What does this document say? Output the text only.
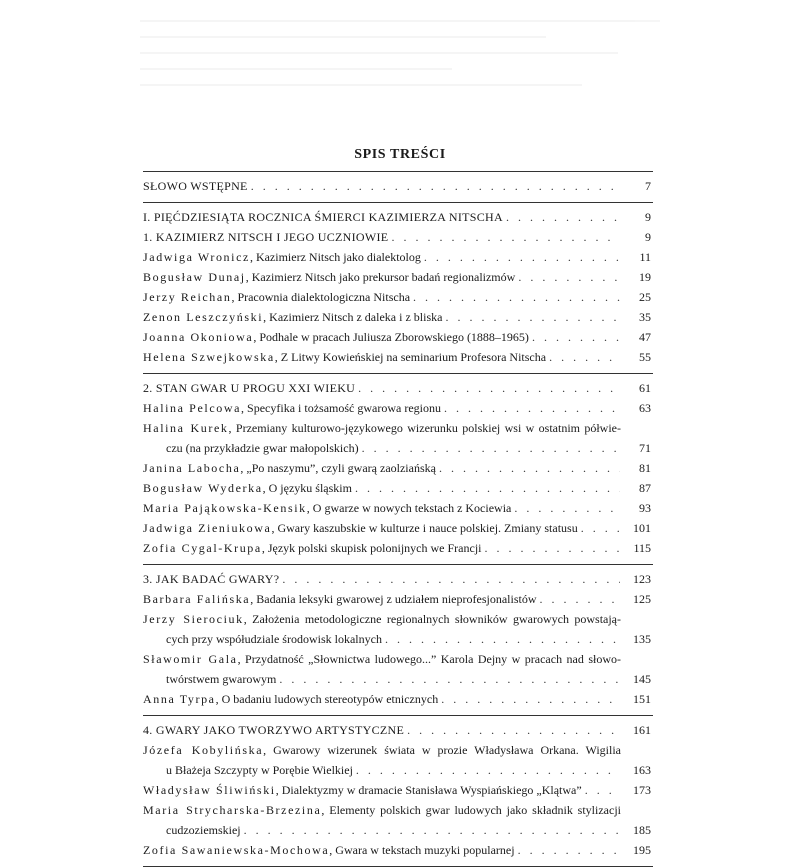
SPIS TREŚCI
SŁOWO WSTĘPNE . . .	7
I. PIĘĆDZIESIĄTA ROCZNICA ŚMIERCI KAZIMIERZA NITSCHA . . .	9
1. KAZIMIERZ NITSCH I JEGO UCZNIOWIE . . .	9
Jadwiga Wronicz, Kazimierz Nitsch jako dialektolog . . .	11
Bogusław Dunaj, Kazimierz Nitsch jako prekursor badań regionalizmów . . .	19
Jerzy Reichan, Pracownia dialektologiczna Nitscha . . .	25
Zenon Leszczyński, Kazimierz Nitsch z daleka i z bliska . . .	35
Joanna Okoniowa, Podhale w pracach Juliusza Zborowskiego (1888–1965) . . .	47
Helena Szwejkowska, Z Litwy Kowieńskiej na seminarium Profesora Nitscha . . .	55
2. STAN GWAR U PROGU XXI WIEKU . . .	61
Halina Pelcowa, Specyfika i tożsamość gwarowa regionu . . .	63
Halina Kurek, Przemiany kulturowo-językowego wizerunku polskiej wsi w ostatnim półwie-
czu (na przykładzie gwar małopolskich) . . .	71
Janina Labocha, „Po naszymu”, czyli gwarą zaolziańską . . .	81
Bogusław Wyderka, O języku śląskim . . .	87
Maria Pająkowska-Kensik, O gwarze w nowych tekstach z Kociewia . . .	93
Jadwiga Zieniukowa, Gwary kaszubskie w kulturze i nauce polskiej. Zmiany statusu . . .	101
Zofia Cygal-Krupa, Język polski skupisk polonijnych we Francji . . .	115
3. JAK BADAĆ GWARY? . . .	123
Barbara Falińska, Badania leksyki gwarowej z udziałem nieprofesjonalistów . . .	125
Jerzy Sierociuk, Założenia metodologiczne regionalnych słowników gwarowych powstają-
cych przy współudziale środowisk lokalnych . . .	135
Sławomir Gala, Przydatność „Słownictwa ludowego...” Karola Dejny w pracach nad słowo-
twórstwem gwarowym . . .	145
Anna Tyrpa, O badaniu ludowych stereotypów etnicznych . . .	151
4. GWARY JAKO TWORZYWO ARTYSTYCZNE . . .	161
Józefa Kobylińska, Gwarowy wizerunek świata w prozie Władysława Orkana. Wigilia
u Błażeja Szczypty w Porębie Wielkiej . . .	163
Władysław Śliwiński, Dialektyzmy w dramacie Stanisława Wyspiańskiego „Klątwa” . . .	173
Maria Strycharska-Brzezina, Elementy polskich gwar ludowych jako składnik stylizacji
cudzoziemskiej . . .	185
Zofia Sawaniewska-Mochowa, Gwara w tekstach muzyki popularnej . . .	195
